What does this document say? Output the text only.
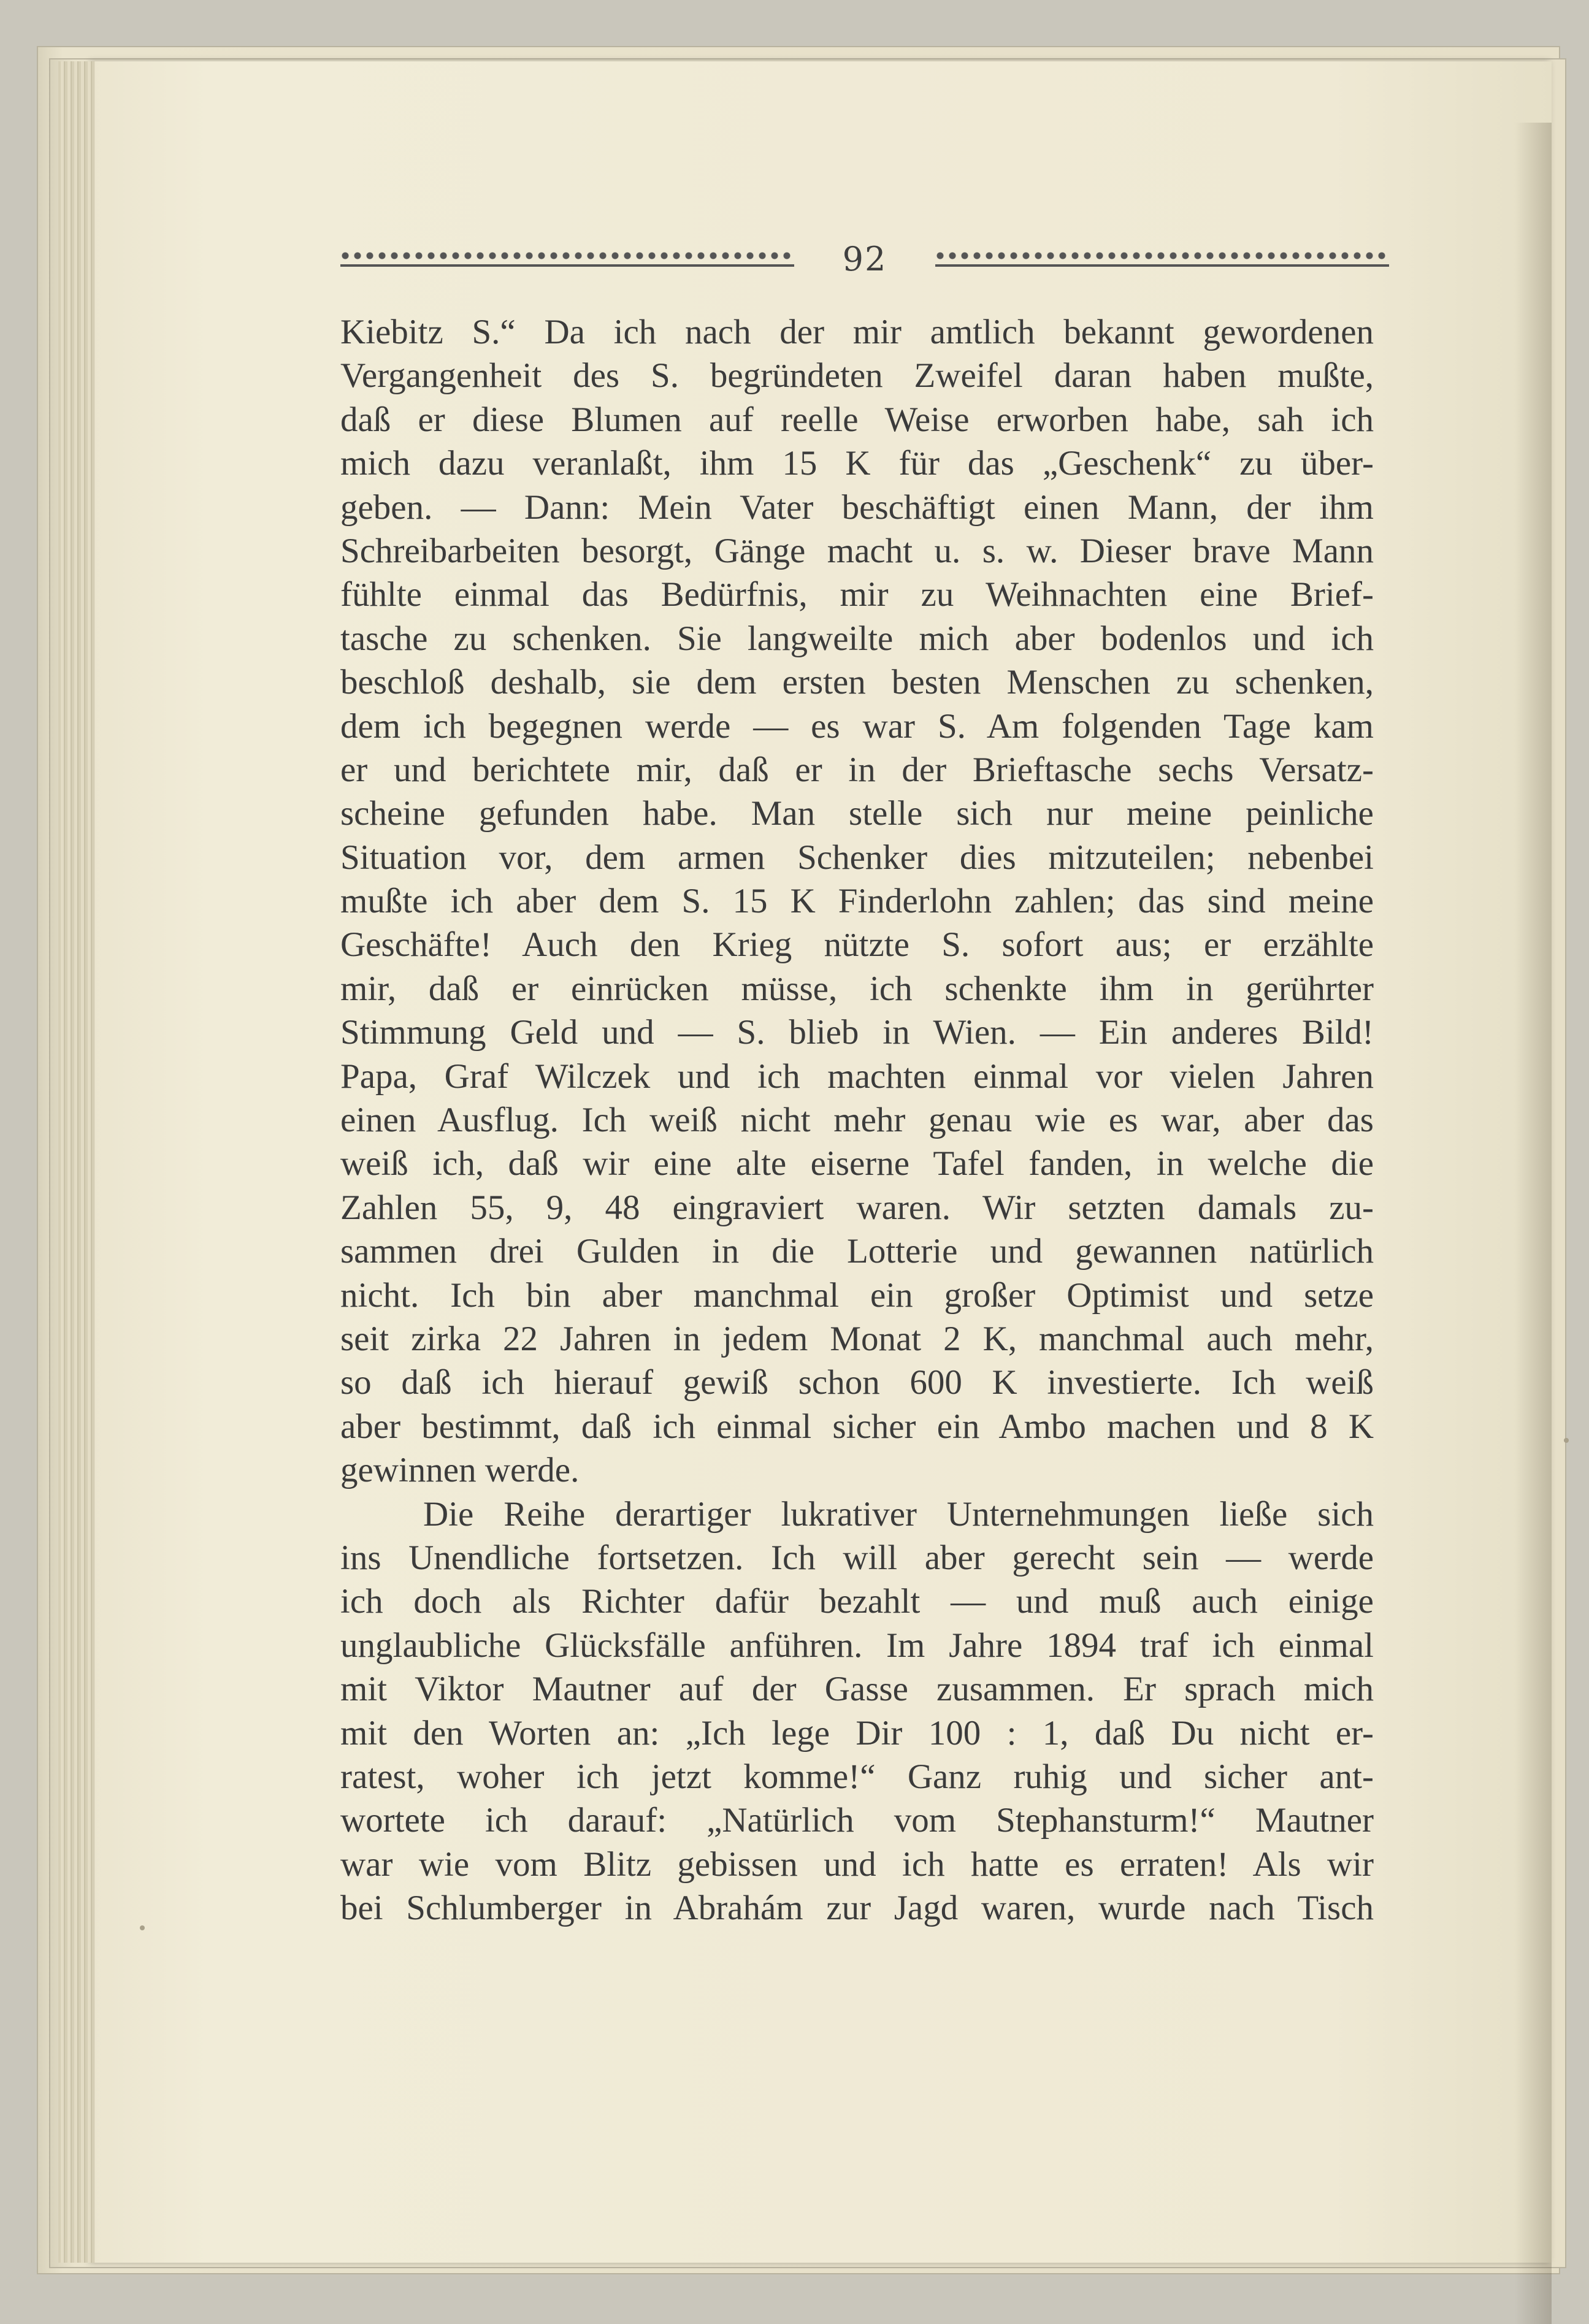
92
Kiebitz S.“ Da ich nach der mir amtlich bekannt gewordenen
Vergangenheit des S. begründeten Zweifel daran haben mußte,
daß er diese Blumen auf reelle Weise erworben habe, sah ich
mich dazu veranlaßt, ihm 15 K für das „Geschenk“ zu über-
geben. — Dann: Mein Vater beschäftigt einen Mann, der ihm
Schreibarbeiten besorgt, Gänge macht u. s. w. Dieser brave Mann
fühlte einmal das Bedürfnis, mir zu Weihnachten eine Brief-
tasche zu schenken. Sie langweilte mich aber bodenlos und ich
beschloß deshalb, sie dem ersten besten Menschen zu schenken,
dem ich begegnen werde — es war S. Am folgenden Tage kam
er und berichtete mir, daß er in der Brieftasche sechs Versatz-
scheine gefunden habe. Man stelle sich nur meine peinliche
Situation vor, dem armen Schenker dies mitzuteilen; nebenbei
mußte ich aber dem S. 15 K Finderlohn zahlen; das sind meine
Geschäfte! Auch den Krieg nützte S. sofort aus; er erzählte
mir, daß er einrücken müsse, ich schenkte ihm in gerührter
Stimmung Geld und — S. blieb in Wien. — Ein anderes Bild!
Papa, Graf Wilczek und ich machten einmal vor vielen Jahren
einen Ausflug. Ich weiß nicht mehr genau wie es war, aber das
weiß ich, daß wir eine alte eiserne Tafel fanden, in welche die
Zahlen 55, 9, 48 eingraviert waren. Wir setzten damals zu-
sammen drei Gulden in die Lotterie und gewannen natürlich
nicht. Ich bin aber manchmal ein großer Optimist und setze
seit zirka 22 Jahren in jedem Monat 2 K, manchmal auch mehr,
so daß ich hierauf gewiß schon 600 K investierte. Ich weiß
aber bestimmt, daß ich einmal sicher ein Ambo machen und 8 K
gewinnen werde.
Die Reihe derartiger lukrativer Unternehmungen ließe sich
ins Unendliche fortsetzen. Ich will aber gerecht sein — werde
ich doch als Richter dafür bezahlt — und muß auch einige
unglaubliche Glücksfälle anführen. Im Jahre 1894 traf ich einmal
mit Viktor Mautner auf der Gasse zusammen. Er sprach mich
mit den Worten an: „Ich lege Dir 100 : 1, daß Du nicht er-
ratest, woher ich jetzt komme!“ Ganz ruhig und sicher ant-
wortete ich darauf: „Natürlich vom Stephansturm!“ Mautner
war wie vom Blitz gebissen und ich hatte es erraten! Als wir
bei Schlumberger in Abrahám zur Jagd waren, wurde nach Tisch
